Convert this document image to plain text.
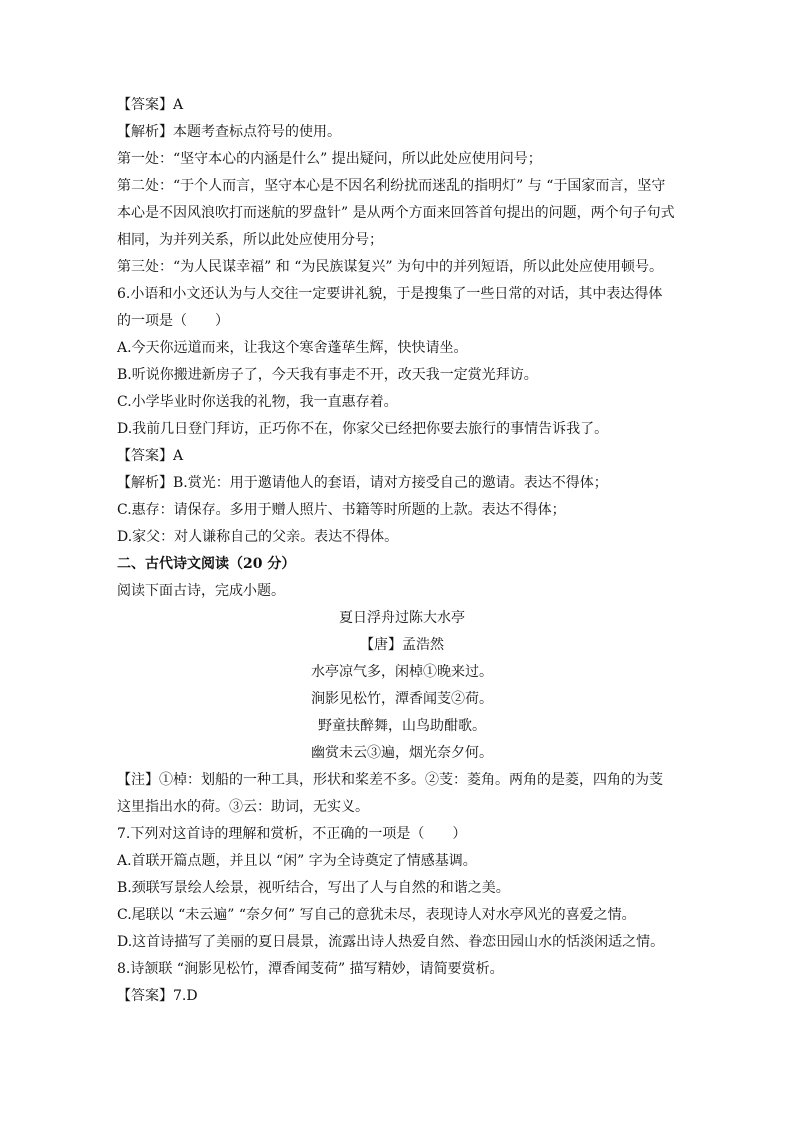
【答案】A
【解析】本题考查标点符号的使用。
第一处：“坚守本心的内涵是什么” 提出疑问，所以此处应使用问号；
第二处：“于个人而言，坚守本心是不因名利纷扰而迷乱的指明灯” 与 “于国家而言，坚守
本心是不因风浪吹打而迷航的罗盘针” 是从两个方面来回答首句提出的问题，两个句子句式
相同，为并列关系，所以此处应使用分号；
第三处：“为人民谋幸福” 和 “为民族谋复兴” 为句中的并列短语，所以此处应使用顿号。
6.小语和小文还认为与人交往一定要讲礼貌，于是搜集了一些日常的对话，其中表达得体
的一项是（　　）
A.今天你远道而来，让我这个寒舍蓬荜生辉，快快请坐。
B.听说你搬进新房子了，今天我有事走不开，改天我一定赏光拜访。
C.小学毕业时你送我的礼物，我一直惠存着。
D.我前几日登门拜访，正巧你不在，你家父已经把你要去旅行的事情告诉我了。
【答案】A
【解析】B.赏光：用于邀请他人的套语，请对方接受自己的邀请。表达不得体；
C.惠存：请保存。多用于赠人照片、书籍等时所题的上款。表达不得体；
D.家父：对人谦称自己的父亲。表达不得体。
二、古代诗文阅读（20 分）
阅读下面古诗，完成小题。
夏日浮舟过陈大水亭
【唐】孟浩然
水亭凉气多，闲棹①晚来过。
涧影见松竹，潭香闻芰②荷。
野童扶醉舞，山鸟助酣歌。
幽赏未云③遍，烟光奈夕何。
【注】①棹：划船的一种工具，形状和桨差不多。②芰：菱角。两角的是菱，四角的为芰
这里指出水的荷。③云：助词，无实义。
7.下列对这首诗的理解和赏析，不正确的一项是（　　）
A.首联开篇点题，并且以 “闲” 字为全诗奠定了情感基调。
B.颈联写景绘人绘景，视听结合，写出了人与自然的和谐之美。
C.尾联以 “未云遍” “奈夕何” 写自己的意犹未尽，表现诗人对水亭风光的喜爱之情。
D.这首诗描写了美丽的夏日晨景，流露出诗人热爱自然、眷恋田园山水的恬淡闲适之情。
8.诗颔联 “涧影见松竹，潭香闻芰荷” 描写精妙，请简要赏析。
【答案】7.D
